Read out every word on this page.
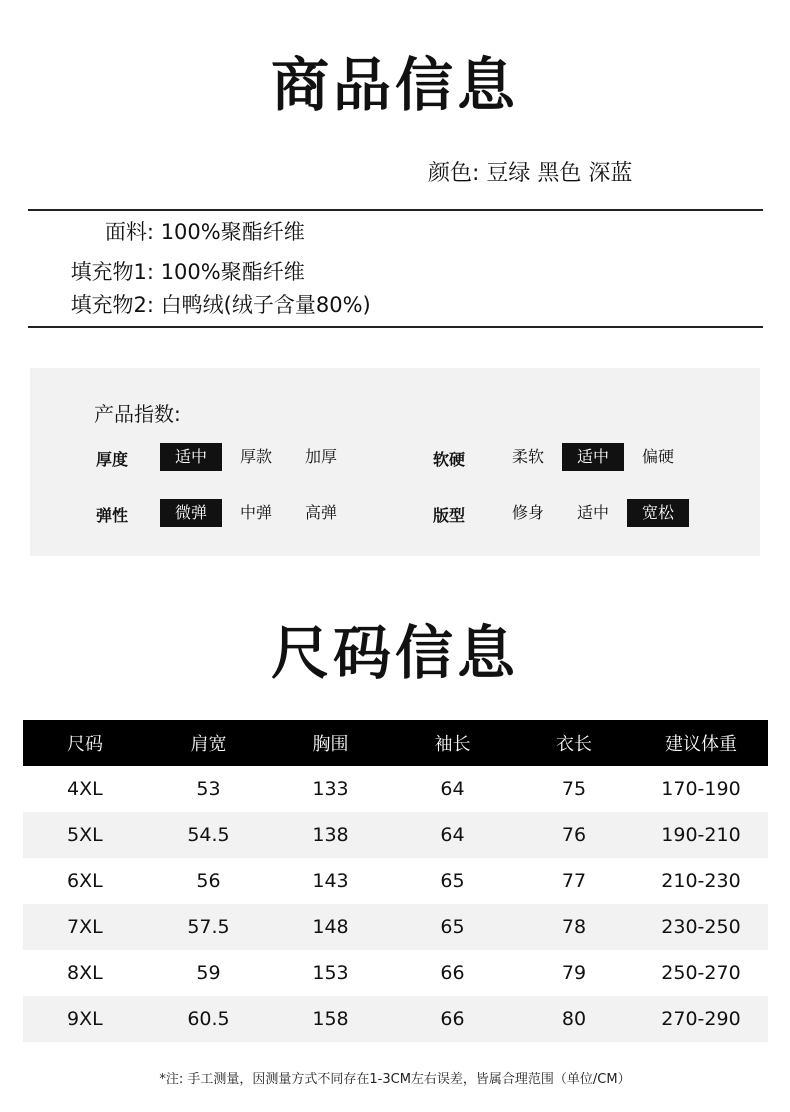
商品信息
颜色: 豆绿 黑色 深蓝
面料: 100%聚酯纤维
填充物1: 100%聚酯纤维
填充物2: 白鸭绒(绒子含量80%)
产品指数:
厚度	适中 厚款 加厚	软硬	柔软 适中 偏硬
弹性	微弹 中弹 高弹	版型	修身 适中 宽松
尺码信息
尺码	肩宽	胸围	袖长	衣长	建议体重
4XL	53	133	64	75	170-190
5XL	54.5	138	64	76	190-210
6XL	56	143	65	77	210-230
7XL	57.5	148	65	78	230-250
8XL	59	153	66	79	250-270
9XL	60.5	158	66	80	270-290
*注: 手工测量，因测量方式不同存在1-3CM左右误差，皆属合理范围（单位/CM）
